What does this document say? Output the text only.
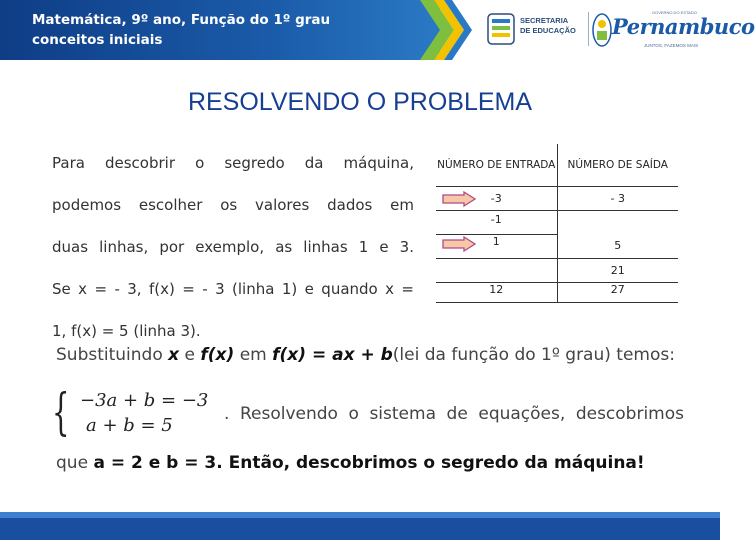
Matemática, 9º ano, Função do 1º grau
conceitos iniciais
SECRETARIA
DE EDUCAÇÃO
GOVERNO DO ESTADO
Pernambuco
JUNTOS, FAZEMOS MAIS
RESOLVENDO O PROBLEMA
Para descobrir o segredo da máquina,
podemos escolher os valores dados em
duas linhas, por exemplo, as linhas 1 e 3.
Se x = - 3, f(x) = - 3 (linha 1) e quando x =
1, f(x) = 5 (linha 3).
NÚMERO DE ENTRADA	NÚMERO DE SAÍDA
-3	- 3
-1	
1	5
	21
12	27
Substituindo x e f(x) em f(x) = ax + b(lei da função do 1º grau) temos:
{ −3a + b = −3
a + b = 5
. Resolvendo o sistema de equações, descobrimos
que a = 2 e b = 3. Então, descobrimos o segredo da máquina!
